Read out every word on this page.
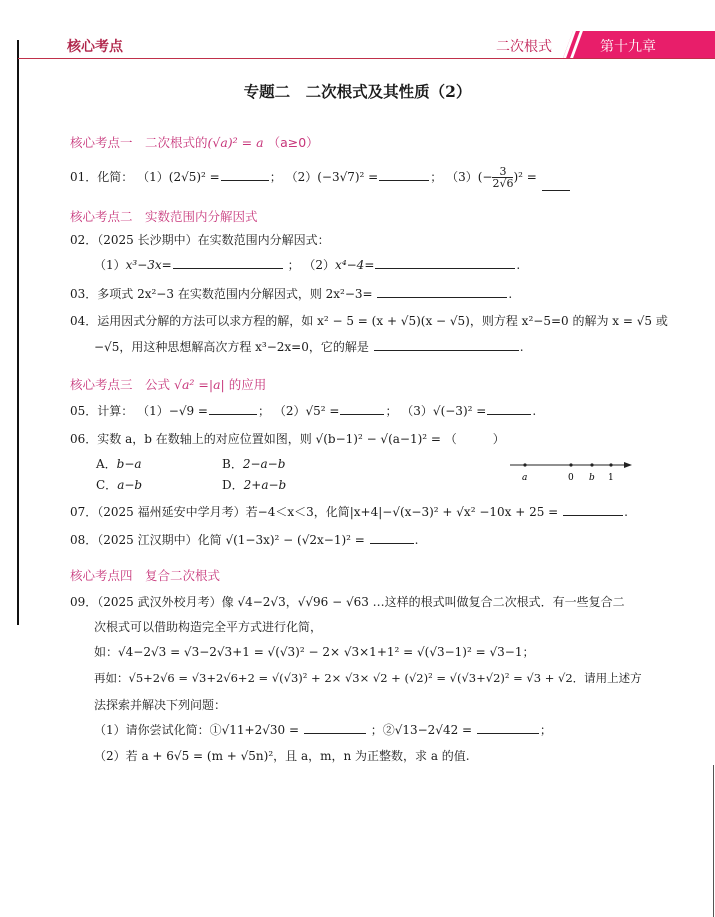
核心考点	二次根式	第十九章
专题二　二次根式及其性质（2）
核心考点一　二次根式的(√a)² = a （a≥0）
01．化简： （1）(2√5)² =	； （2）(−3√7)² =	； $(3)(- \frac{3}{2√6} )^2$ =
核心考点二　实数范围内分解因式
02．（2025 长沙期中）在实数范围内分解因式：
（1）x³−3x=	； （2）x⁴−4=	.
03．多项式 2x²−3 在实数范围内分解因式，则 2x²−3=	.
04．运用因式分解的方法可以求方程的解，如 x² − 5 = (x + √5)(x − √5)，则方程 x²−5=0 的解为 x = √5 或
−√5，用这种思想解高次方程 x³−2x=0，它的解是	.
核心考点三　公式 √a² =|a| 的应用
05．计算： （1）−√9 =	； （2）√5² =	； （3）√(−3)² =	.
06．实数 a，b 在数轴上的对应位置如图，则 √(b−1)² − √(a−1)² = （　　　）
A．b−a	B．2−a−b
C．a−b	D．2+a−b	a	0 b 1
07．（2025 福州延安中学月考）若−4＜x＜3，化简|x+4|−√(x−3)² + √x² −10x + 25 =	.
08．（2025 江汉期中）化简 √(1−3x)² − (√2x−1)² =	.
核心考点四　复合二次根式
09．（2025 武汉外校月考）像 √4−2√3，√√96 − √63 …这样的根式叫做复合二次根式．有一些复合二
次根式可以借助构造完全平方式进行化简，
如：√4−2√3 = √3−2√3+1 = √(√3)² − 2× √3×1+1² = √(√3−1)² = √3−1；
再如：√5+2√6 = √3+2√6+2 = √(√3)² + 2× √3× √2 + (√2)² = √(√3+√2)² = √3 + √2．请用上述方
法探索并解决下列问题：
（1）请你尝试化简：①√11+2√30 =	；②√13−2√42 =	；
（2）若 a + 6√5 = (m + √5n)²，且 a，m，n 为正整数，求 a 的值.
